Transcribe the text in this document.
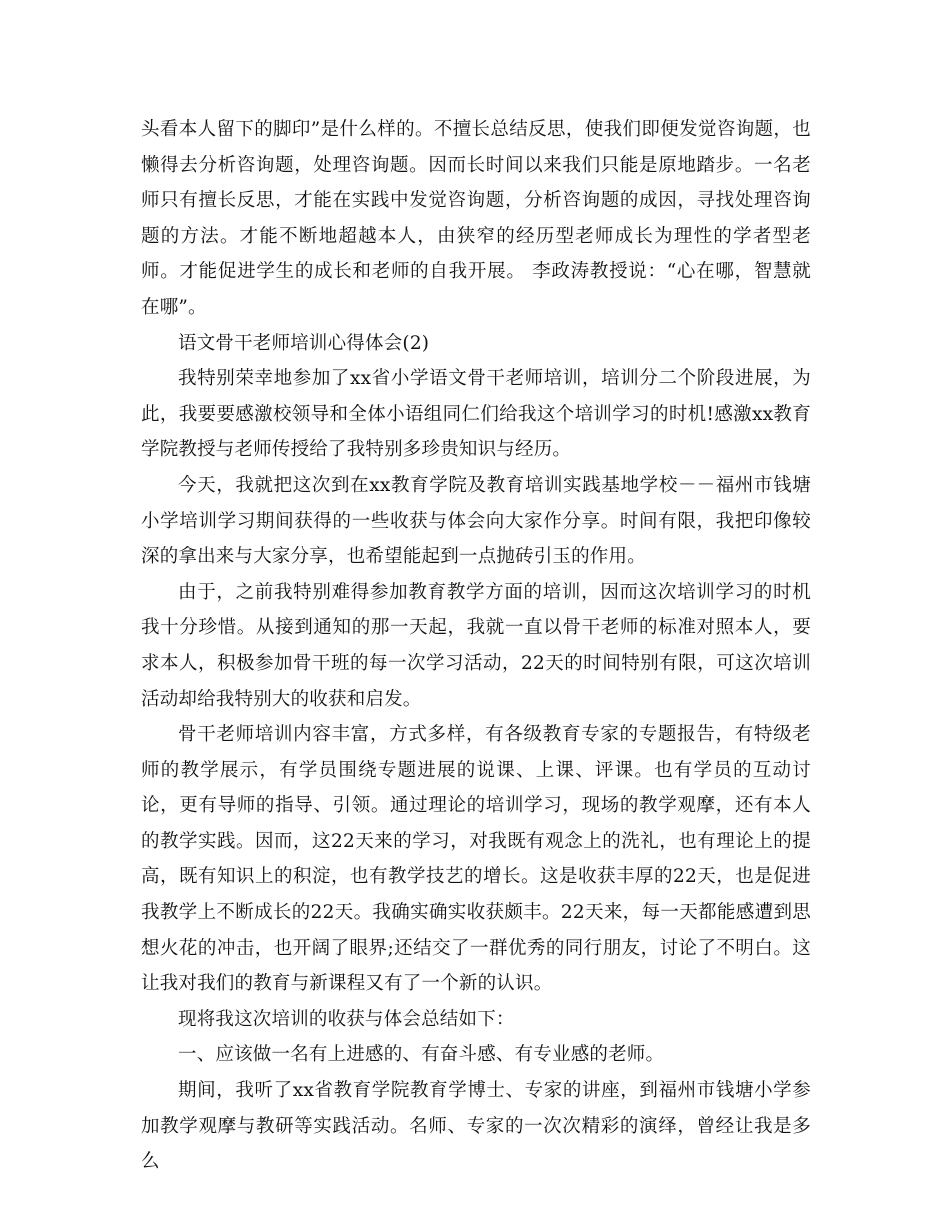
头看本人留下的脚印”是什么样的。不擅长总结反思，使我们即便发觉咨询题，也懒得去分析咨询题，处理咨询题。因而长时间以来我们只能是原地踏步。一名老师只有擅长反思，才能在实践中发觉咨询题，分析咨询题的成因，寻找处理咨询题的方法。才能不断地超越本人，由狭窄的经历型老师成长为理性的学者型老师。才能促进学生的成长和老师的自我开展。 李政涛教授说：“心在哪，智慧就在哪”。

语文骨干老师培训心得体会(2)

我特别荣幸地参加了xx省小学语文骨干老师培训，培训分二个阶段进展，为此，我要要感激校领导和全体小语组同仁们给我这个培训学习的时机!感激xx教育学院教授与老师传授给了我特别多珍贵知识与经历。

今天，我就把这次到在xx教育学院及教育培训实践基地学校－－福州市钱塘小学培训学习期间获得的一些收获与体会向大家作分享。时间有限，我把印像较深的拿出来与大家分享，也希望能起到一点抛砖引玉的作用。

由于，之前我特别难得参加教育教学方面的培训，因而这次培训学习的时机我十分珍惜。从接到通知的那一天起，我就一直以骨干老师的标准对照本人，要求本人，积极参加骨干班的每一次学习活动，22天的时间特别有限，可这次培训活动却给我特别大的收获和启发。

骨干老师培训内容丰富，方式多样，有各级教育专家的专题报告，有特级老师的教学展示，有学员围绕专题进展的说课、上课、评课。也有学员的互动讨论，更有导师的指导、引领。通过理论的培训学习，现场的教学观摩，还有本人的教学实践。因而，这22天来的学习，对我既有观念上的洗礼，也有理论上的提高，既有知识上的积淀，也有教学技艺的增长。这是收获丰厚的22天，也是促进我教学上不断成长的22天。我确实确实收获颇丰。22天来，每一天都能感遭到思想火花的冲击，也开阔了眼界;还结交了一群优秀的同行朋友，讨论了不明白。这让我对我们的教育与新课程又有了一个新的认识。

现将我这次培训的收获与体会总结如下：

一、应该做一名有上进感的、有奋斗感、有专业感的老师。

期间，我听了xx省教育学院教育学博士、专家的讲座，到福州市钱塘小学参加教学观摩与教研等实践活动。名师、专家的一次次精彩的演绎，曾经让我是多么
